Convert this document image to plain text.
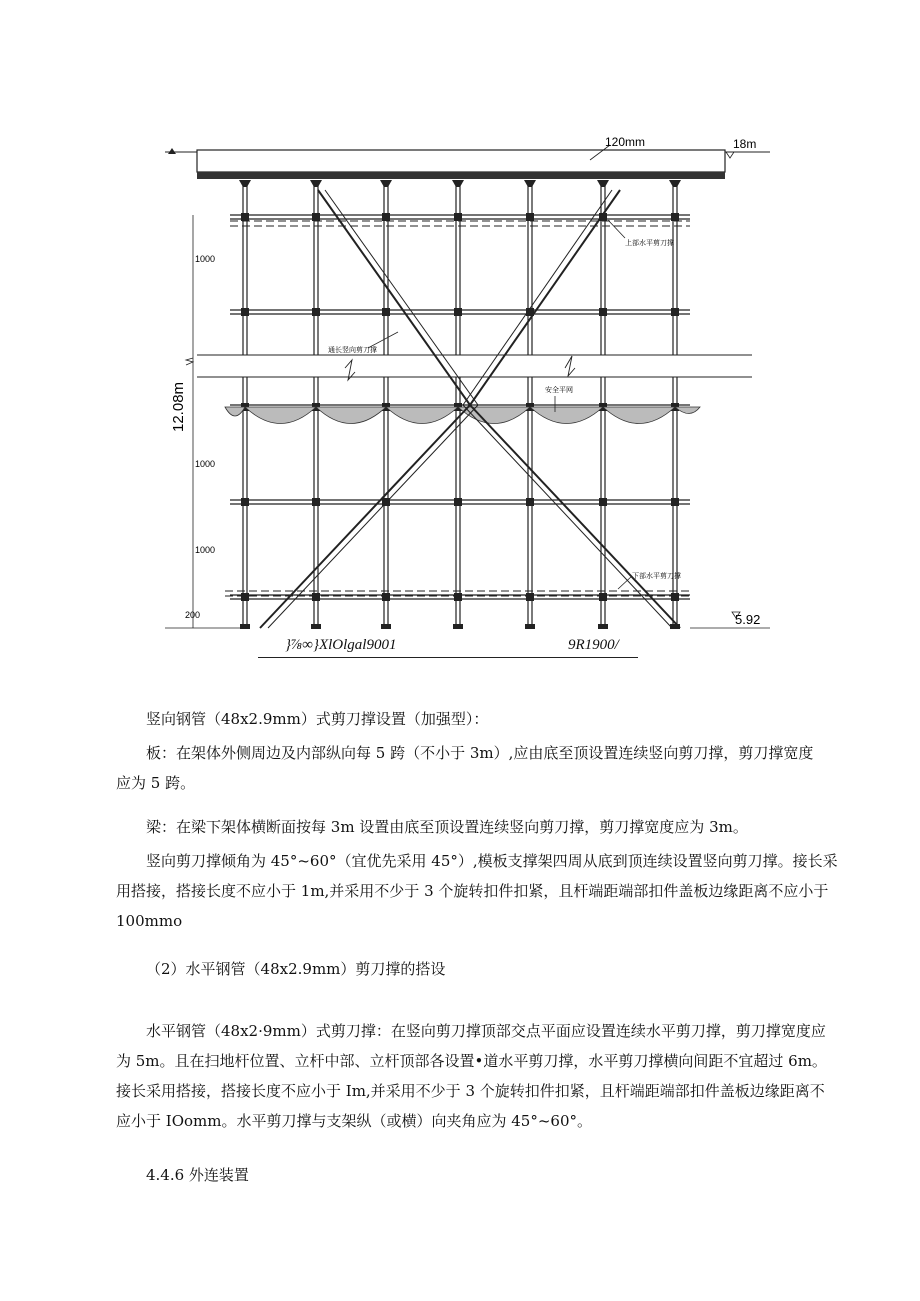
120mm	18m
1000
1000
1000
200
12.08m
上部水平剪刀撑
通长竖向剪刀撑
安全平网
下部水平剪刀撑
5.92
}⅞∞}XlOlgal9001	9R1900/
竖向钢管（48x2.9mm）式剪刀撑设置（加强型）：
板：在架体外侧周边及内部纵向每 5 跨（不小于 3m）,应由底至顶设置连续竖向剪刀撑，剪刀撑宽度
应为 5 跨。
梁：在梁下架体横断面按每 3m 设置由底至顶设置连续竖向剪刀撑，剪刀撑宽度应为 3m。
竖向剪刀撑倾角为 45°~60°（宜优先采用 45°）,模板支撑架四周从底到顶连续设置竖向剪刀撑。接长采
用搭接，搭接长度不应小于 1m,并采用不少于 3 个旋转扣件扣紧，且杆端距端部扣件盖板边缘距离不应小于
100mmo
（2）水平钢管（48x2.9mm）剪刀撑的搭设
水平钢管（48x2·9mm）式剪刀撑：在竖向剪刀撑顶部交点平面应设置连续水平剪刀撑，剪刀撑宽度应
为 5m。且在扫地杆位置、立杆中部、立杆顶部各设置•道水平剪刀撑，水平剪刀撑横向间距不宜超过 6m。
接长采用搭接，搭接长度不应小于 Im,并采用不少于 3 个旋转扣件扣紧，且杆端距端部扣件盖板边缘距离不
应小于 IOomm。水平剪刀撑与支架纵（或横）向夹角应为 45°~60°。
4.4.6 外连装置
